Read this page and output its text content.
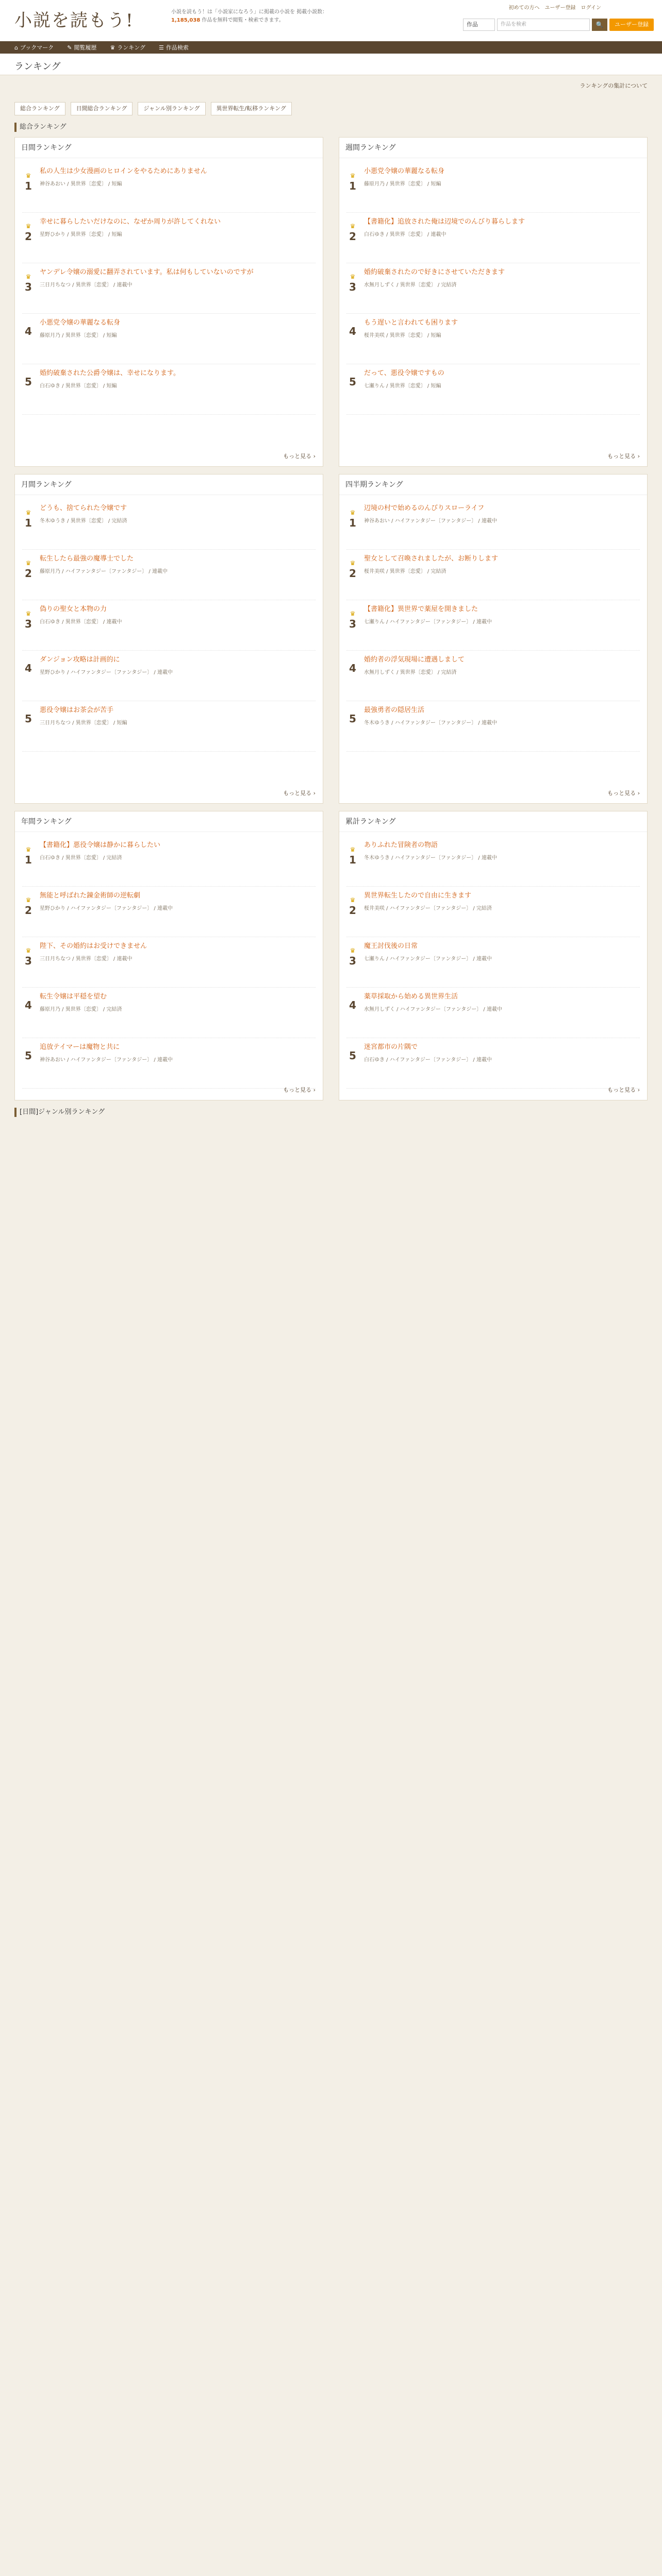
小説を読もう!	小説を読もう！は「小説家になろう」に掲載の小説を 掲載小説数：1,185,038 作品を無料で閲覧・検索できます。
初めての方へ ユーザー登録 ログイン
作品	作品を検索	🔍	ユーザー登録
⌂ ブックマーク ✎ 閲覧履歴 ♛ ランキング ☰ 作品検索
ランキング
ランキングの集計について
総合ランキング	日間総合ランキング	ジャンル別ランキング	異世界転生/転移ランキング
総合ランキング
日間ランキング
♛
1
私の人生は少女漫画のヒロインをやるためにありません
神谷あおい / 異世界〔恋愛〕 / 短編
♛
2
幸せに暮らしたいだけなのに、なぜか周りが許してくれない
星野ひかり / 異世界〔恋愛〕 / 短編
♛
3
ヤンデレ令嬢の溺愛に翻弄されています。私は何もしていないのですが
三日月ちなつ / 異世界〔恋愛〕 / 連載中
4
小悪党令嬢の華麗なる転身
藤原月乃 / 異世界〔恋愛〕 / 短編
5
婚約破棄された公爵令嬢は、幸せになります。
白石ゆき / 異世界〔恋愛〕 / 短編
もっと見る ›
週間ランキング
♛
1
小悪党令嬢の華麗なる転身
藤原月乃 / 異世界〔恋愛〕 / 短編
♛
2
【書籍化】追放された俺は辺境でのんびり暮らします
白石ゆき / 異世界〔恋愛〕 / 連載中
♛
3
婚約破棄されたので好きにさせていただきます
水無月しずく / 異世界〔恋愛〕 / 完結済
4
もう遅いと言われても困ります
桜井美咲 / 異世界〔恋愛〕 / 短編
5
だって、悪役令嬢ですもの
七瀬りん / 異世界〔恋愛〕 / 短編
もっと見る ›
月間ランキング
♛
1
どうも、捨てられた令嬢です
冬木ゆうき / 異世界〔恋愛〕 / 完結済
♛
2
転生したら最強の魔導士でした
藤原月乃 / ハイファンタジー〔ファンタジー〕 / 連載中
♛
3
偽りの聖女と本物の力
白石ゆき / 異世界〔恋愛〕 / 連載中
4
ダンジョン攻略は計画的に
星野ひかり / ハイファンタジー〔ファンタジー〕 / 連載中
5
悪役令嬢はお茶会が苦手
三日月ちなつ / 異世界〔恋愛〕 / 短編
もっと見る ›
四半期ランキング
♛
1
辺境の村で始めるのんびりスローライフ
神谷あおい / ハイファンタジー〔ファンタジー〕 / 連載中
♛
2
聖女として召喚されましたが、お断りします
桜井美咲 / 異世界〔恋愛〕 / 完結済
♛
3
【書籍化】異世界で薬屋を開きました
七瀬りん / ハイファンタジー〔ファンタジー〕 / 連載中
4
婚約者の浮気現場に遭遇しまして
水無月しずく / 異世界〔恋愛〕 / 完結済
5
最強勇者の隠居生活
冬木ゆうき / ハイファンタジー〔ファンタジー〕 / 連載中
もっと見る ›
年間ランキング
♛
1
【書籍化】悪役令嬢は静かに暮らしたい
白石ゆき / 異世界〔恋愛〕 / 完結済
♛
2
無能と呼ばれた錬金術師の逆転劇
星野ひかり / ハイファンタジー〔ファンタジー〕 / 連載中
♛
3
陛下、その婚約はお受けできません
三日月ちなつ / 異世界〔恋愛〕 / 連載中
4
転生令嬢は平穏を望む
藤原月乃 / 異世界〔恋愛〕 / 完結済
5
追放テイマーは魔物と共に
神谷あおい / ハイファンタジー〔ファンタジー〕 / 連載中
もっと見る ›
累計ランキング
♛
1
ありふれた冒険者の物語
冬木ゆうき / ハイファンタジー〔ファンタジー〕 / 連載中
♛
2
異世界転生したので自由に生きます
桜井美咲 / ハイファンタジー〔ファンタジー〕 / 完結済
♛
3
魔王討伐後の日常
七瀬りん / ハイファンタジー〔ファンタジー〕 / 連載中
4
薬草採取から始める異世界生活
水無月しずく / ハイファンタジー〔ファンタジー〕 / 連載中
5
迷宮都市の片隅で
白石ゆき / ハイファンタジー〔ファンタジー〕 / 連載中
もっと見る ›
[日間]ジャンル別ランキング
